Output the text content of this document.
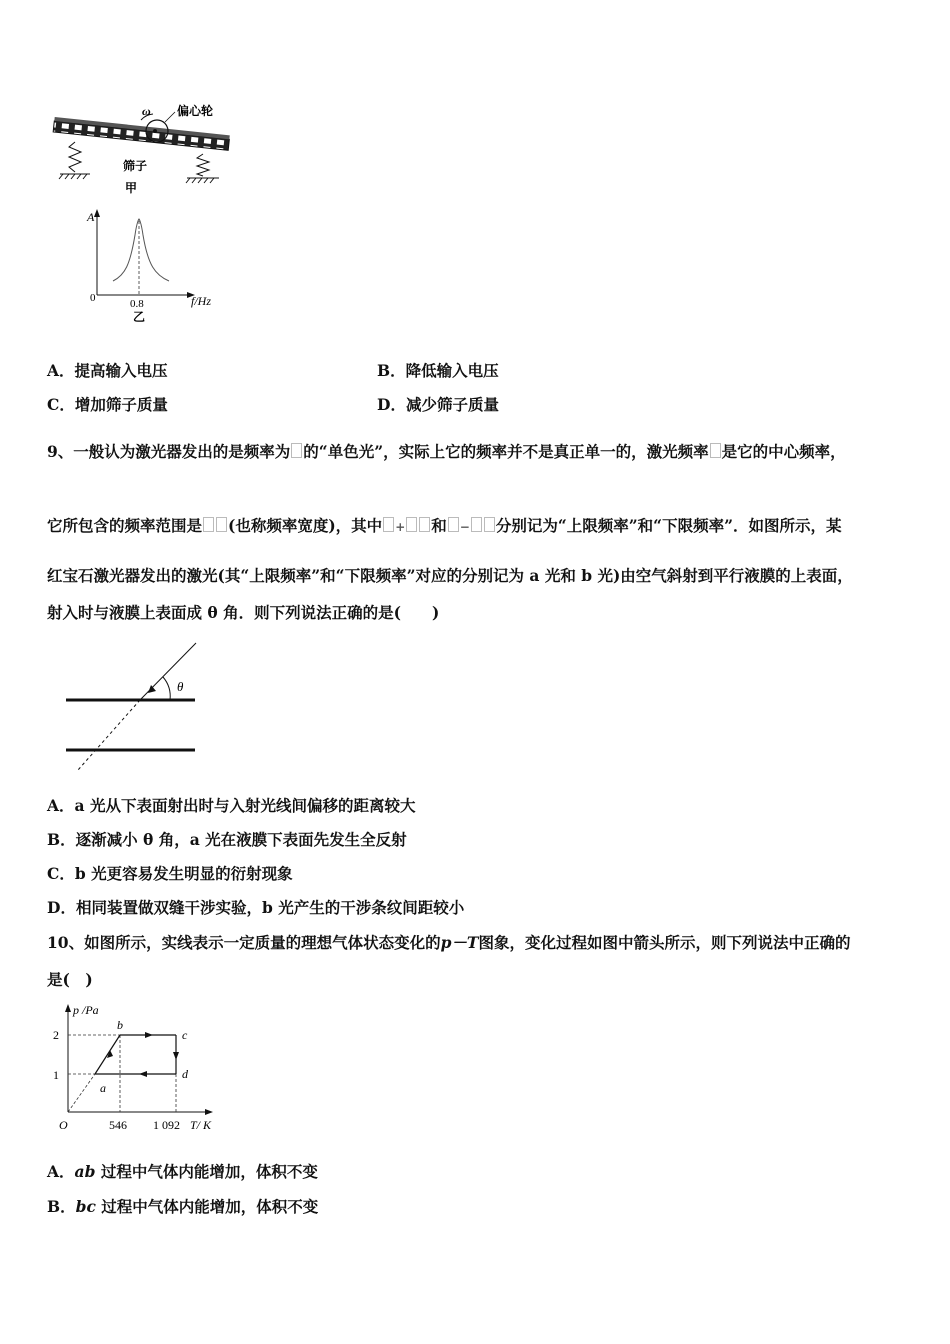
ω 偏心轮
筛子
甲
A
0	0.8	f/Hz
乙
A．提高输入电压	B．降低输入电压
C．增加筛子质量	D．减少筛子质量
9、一般认为激光器发出的是频率为 的“单色光”，实际上它的频率并不是真正单一的，激光频率 是它的中心频率，
它所包含的频率范围是 (也称频率宽度)，其中 + 和 − 分别记为“上限频率”和“下限频率”．如图所示，某
红宝石激光器发出的激光(其“上限频率”和“下限频率”对应的分别记为 a 光和 b 光)由空气斜射到平行液膜的上表面，
射入时与液膜上表面成 θ 角．则下列说法正确的是(　　)
θ
A．a 光从下表面射出时与入射光线间偏移的距离较大
B．逐渐减小 θ 角，a 光在液膜下表面先发生全反射
C．b 光更容易发生明显的衍射现象
D．相同装置做双缝干涉实验，b 光产生的干涉条纹间距较小
10、如图所示，实线表示一定质量的理想气体状态变化的p－T图象，变化过程如图中箭头所示，则下列说法中正确的
是(　)
p /Pa
2
1
O	546 1 092 T/ K
a
b
c
d
A．ab 过程中气体内能增加，体积不变
B．bc 过程中气体内能增加，体积不变
